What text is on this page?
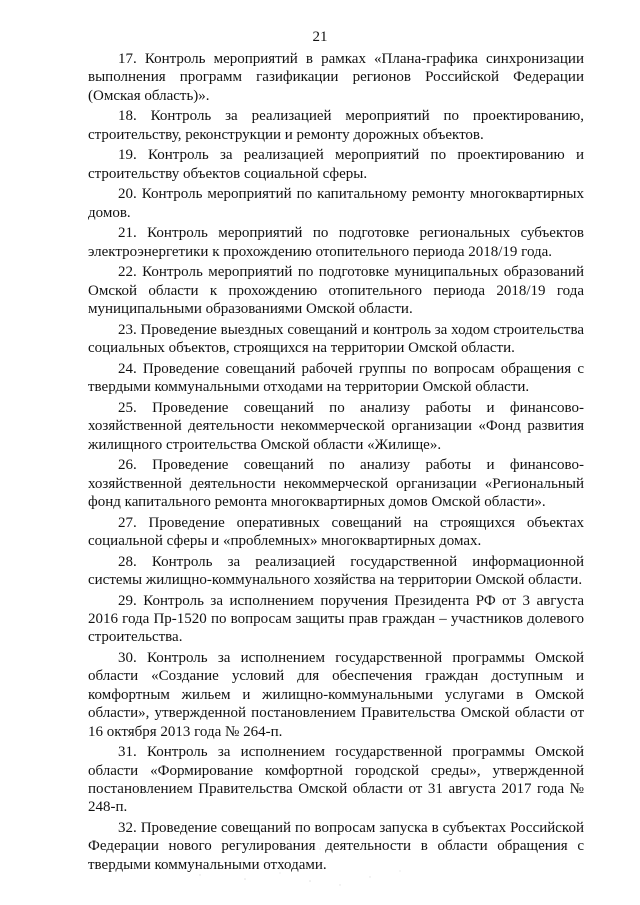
21

17. Контроль мероприятий в рамках «Плана-графика синхронизации выполнения программ газификации регионов Российской Федерации (Омская область)».

18. Контроль за реализацией мероприятий по проектированию, строительству, реконструкции и ремонту дорожных объектов.

19. Контроль за реализацией мероприятий по проектированию и строительству объектов социальной сферы.

20. Контроль мероприятий по капитальному ремонту многоквартирных домов.

21. Контроль мероприятий по подготовке региональных субъектов электроэнергетики к прохождению отопительного периода 2018/19 года.

22. Контроль мероприятий по подготовке муниципальных образований Омской области к прохождению отопительного периода 2018/19 года муниципальными образованиями Омской области.

23. Проведение выездных совещаний и контроль за ходом строительства социальных объектов, строящихся на территории Омской области.

24. Проведение совещаний рабочей группы по вопросам обращения с твердыми коммунальными отходами на территории Омской области.

25. Проведение совещаний по анализу работы и финансово-хозяйственной деятельности некоммерческой организации «Фонд развития жилищного строительства Омской области «Жилище».

26. Проведение совещаний по анализу работы и финансово-хозяйственной деятельности некоммерческой организации «Региональный фонд капитального ремонта многоквартирных домов Омской области».

27. Проведение оперативных совещаний на строящихся объектах социальной сферы и «проблемных» многоквартирных домах.

28. Контроль за реализацией государственной информационной системы жилищно-коммунального хозяйства на территории Омской области.

29. Контроль за исполнением поручения Президента РФ от 3 августа 2016 года Пр-1520 по вопросам защиты прав граждан – участников долевого строительства.

30. Контроль за исполнением государственной программы Омской области «Создание условий для обеспечения граждан доступным и комфортным жильем и жилищно-коммунальными услугами в Омской области», утвержденной постановлением Правительства Омской области от 16 октября 2013 года № 264-п.

31. Контроль за исполнением государственной программы Омской области «Формирование комфортной городской среды», утвержденной постановлением Правительства Омской области от 31 августа 2017 года № 248-п.

32. Проведение совещаний по вопросам запуска в субъектах Российской Федерации нового регулирования деятельности в области обращения с твердыми коммунальными отходами.
